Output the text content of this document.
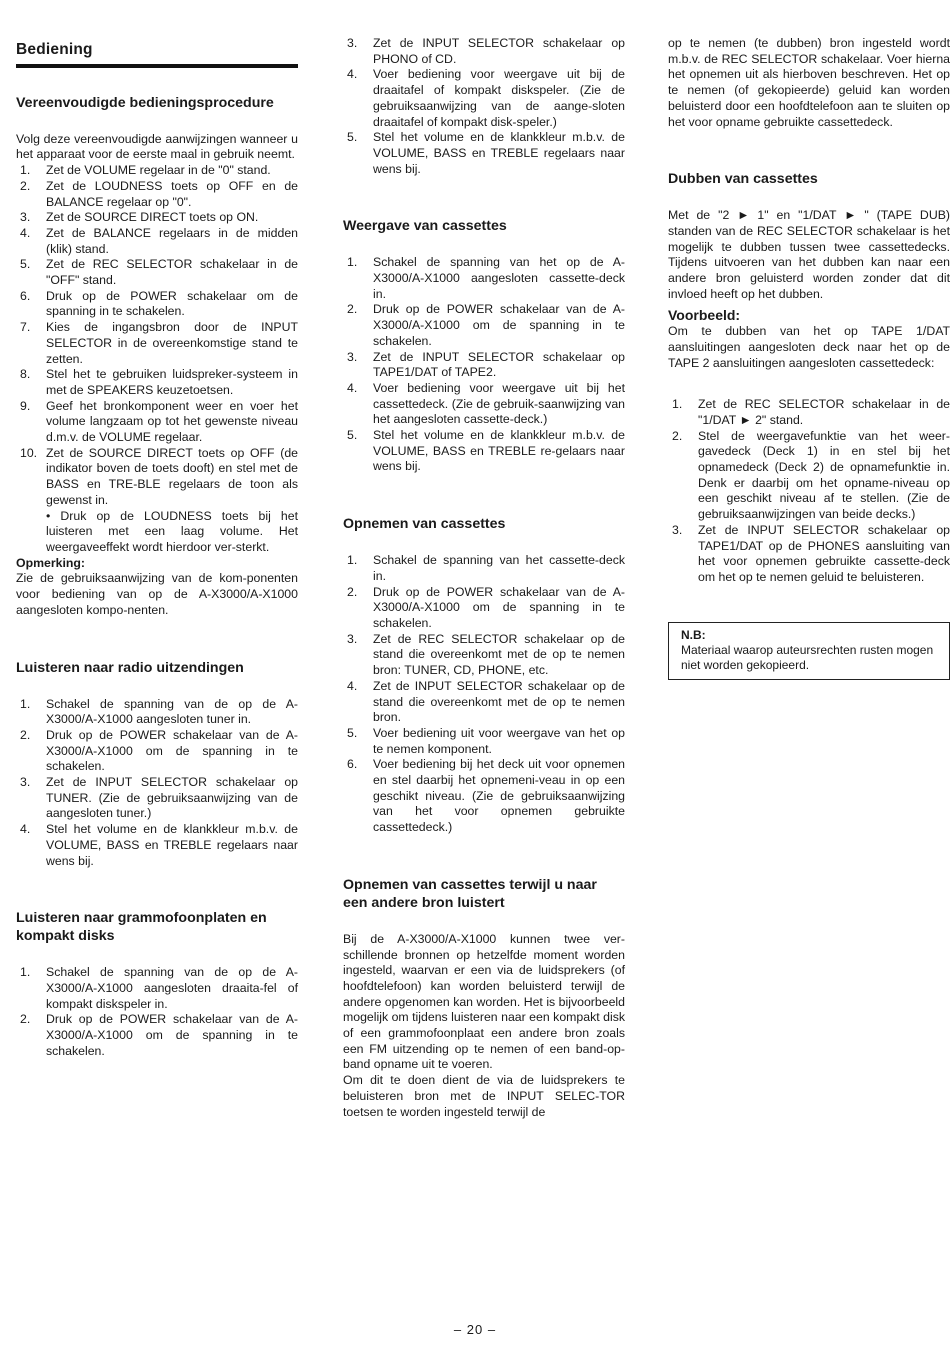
Bediening
Vereenvoudigde bedieningsprocedure

Volg deze vereenvoudigde aanwijzingen wanneer u het apparaat voor de eerste maal in gebruik neemt.

1. Zet de VOLUME regelaar in de "0" stand.
2. Zet de LOUDNESS toets op OFF en de BALANCE regelaar op "0".
3. Zet de SOURCE DIRECT toets op ON.
4. Zet de BALANCE regelaars in de midden (klik) stand.
5. Zet de REC SELECTOR schakelaar in de "OFF" stand.
6. Druk op de POWER schakelaar om de spanning in te schakelen.
7. Kies de ingangsbron door de INPUT SELECTOR in de overeenkomstige stand te zetten.
8. Stel het te gebruiken luidspreker-systeem in met de SPEAKERS keuzetoetsen.
9. Geef het bronkomponent weer en voer het volume langzaam op tot het gewenste niveau d.m.v. de VOLUME regelaar.
10. Zet de SOURCE DIRECT toets op OFF (de indikator boven de toets dooft) en stel met de BASS en TRE-BLE regelaars de toon als gewenst in.
• Druk op de LOUDNESS toets bij het luisteren met een laag volume. Het weergaveeffekt wordt hierdoor ver-sterkt.
Opmerking:

Zie de gebruiksaanwijzing van de kom-ponenten voor bediening van op de A-X3000/A-X1000 aangesloten kompo-nenten.

Luisteren naar radio uitzendingen
1. Schakel de spanning van de op de A-X3000/A-X1000 aangesloten tuner in.
2. Druk op de POWER schakelaar van de A-X3000/A-X1000 om de spanning in te schakelen.
3. Zet de INPUT SELECTOR schakelaar op TUNER. (Zie de gebruiksaanwijzing van de aangesloten tuner.)
4. Stel het volume en de klankkleur m.b.v. de VOLUME, BASS en TREBLE regelaars naar wens bij.
Luisteren naar grammofoonplaten en kompakt disks
1. Schakel de spanning van de op de A-X3000/A-X1000 aangesloten draaita-fel of kompakt diskspeler in.
2. Druk op de POWER schakelaar van de A-X3000/A-X1000 om de spanning in te schakelen.
3. Zet de INPUT SELECTOR schakelaar op PHONO of CD.
4. Voer bediening voor weergave uit bij de draaitafel of kompakt diskspeler. (Zie de gebruiksaanwijzing van de aange-sloten draaitafel of kompakt disk-speler.)
5. Stel het volume en de klankkleur m.b.v. de VOLUME, BASS en TREBLE regelaars naar wens bij.
Weergave van cassettes
1. Schakel de spanning van het op de A-X3000/A-X1000 aangesloten cassette-deck in.
2. Druk op de POWER schakelaar van de A-X3000/A-X1000 om de spanning in te schakelen.
3. Zet de INPUT SELECTOR schakelaar op TAPE1/DAT of TAPE2.
4. Voer bediening voor weergave uit bij het cassettedeck. (Zie de gebruik-saanwijzing van het aangesloten cassette-deck.)
5. Stel het volume en de klankkleur m.b.v. de VOLUME, BASS en TREBLE re-gelaars naar wens bij.
Opnemen van cassettes
1. Schakel de spanning van het cassette-deck in.
2. Druk op de POWER schakelaar van de A-X3000/A-X1000 om de spanning in te schakelen.
3. Zet de REC SELECTOR schakelaar op de stand die overeenkomt met de op te nemen bron: TUNER, CD, PHONE, etc.
4. Zet de INPUT SELECTOR schakelaar op de stand die overeenkomt met de op te nemen bron.
5. Voer bediening uit voor weergave van het op te nemen komponent.
6. Voer bediening bij het deck uit voor opnemen en stel daarbij het opnemeni-veau in op een geschikt niveau. (Zie de gebruiksaanwijzing van het voor opnemen gebruikte cassettedeck.)
Opnemen van cassettes terwijl u naar een andere bron luistert

Bij de A-X3000/A-X1000 kunnen twee ver-schillende bronnen op hetzelfde moment worden ingesteld, waarvan er een via de luidsprekers (of hoofdtelefoon) kan worden beluisterd terwijl de andere opgenomen kan worden. Het is bijvoorbeeld mogelijk om tijdens luisteren naar een kompakt disk of een grammofoonplaat een andere bron zoals een FM uitzending op te nemen of een band-op-band opname uit te voeren.

Om dit te doen dient de via de luidsprekers te beluisteren bron met de INPUT SELEC-TOR toetsen te worden ingesteld terwijl de

op te nemen (te dubben) bron ingesteld wordt m.b.v. de REC SELECTOR schakelaar. Voer hierna het opnemen uit als hierboven beschreven. Het op te nemen (of gekopieerde) geluid kan worden beluisterd door een hoofdtelefoon aan te sluiten op het voor opname gebruikte cassettedeck.

Dubben van cassettes

Met de "2 ► 1" en "1/DAT ► " (TAPE DUB) standen van de REC SELECTOR schakelaar is het mogelijk te dubben tussen twee cassettedecks. Tijdens uitvoeren van het dubben kan naar een andere bron geluisterd worden zonder dat dit invloed heeft op het dubben.

Voorbeeld:

Om te dubben van het op TAPE 1/DAT aansluitingen aangesloten deck naar het op de TAPE 2 aansluitingen aangesloten cassettedeck:

1. Zet de REC SELECTOR schakelaar in de "1/DAT ► 2" stand.
2. Stel de weergavefunktie van het weer-gavedeck (Deck 1) in en stel bij het opnamedeck (Deck 2) de opnamefunktie in. Denk er daarbij om het opname-niveau op een geschikt niveau af te stellen. (Zie de gebruiksaanwijzingen van beide decks.)
3. Zet de INPUT SELECTOR schakelaar op TAPE1/DAT op de PHONES aansluiting van het voor opnemen gebruikte cassette-deck om het op te nemen geluid te beluisteren.
N.B:
Materiaal waarop auteursrechten rusten mogen niet worden gekopieerd.
– 20 –
